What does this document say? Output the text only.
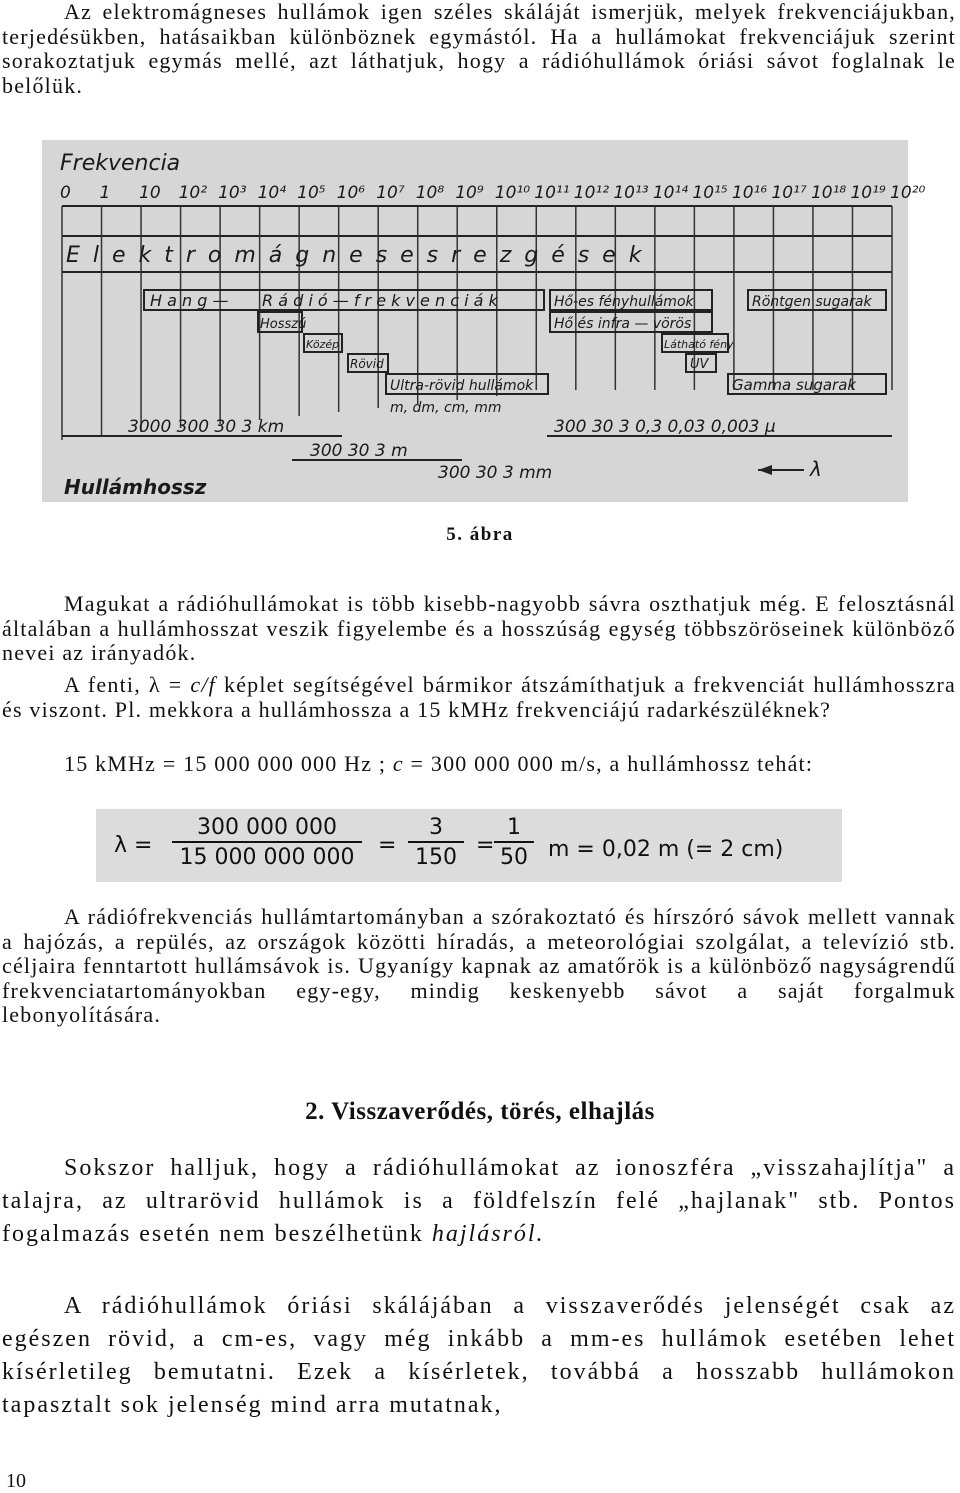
Az elektromágneses hullámok igen széles skáláját ismerjük, melyek frekvenciájukban, terjedésükben, hatásaikban különböznek egymástól. Ha a hullámokat frekvenciájuk szerint sorakoztatjuk egymás mellé, azt láthatjuk, hogy a rádióhullámok óriási sávot foglalnak le belőlük.

Frekvencia
0 1 10 10² 10³ 10⁴ 10⁵ 10⁶ 10⁷ 10⁸ 10⁹ 10¹⁰ 10¹¹ 10¹² 10¹³ 10¹⁴ 10¹⁵ 10¹⁶ 10¹⁷ 10¹⁸ 10¹⁹ 10²⁰
E l e k t r o m á g n e s e s r e z g é s e k
H a n g — R á d i ó — f r e k v e n c i á k	Hő-es fényhullámok	Röntgen sugarak
Hosszú	Hő és infra — vörös
Közép	Látható fény
Rövid	UV
Ultra-rövid hullámok	Gamma sugarak
m, dm, cm, mm
3000 300 30 3 km	300 30 3 0,3 0,03 0,003 μ
300 30 3 m
300 30 3 mm	λ
Hullámhossz
5. ábra

Magukat a rádióhullámokat is több kisebb-nagyobb sávra oszthatjuk még. E felosztásnál általában a hullámhosszat veszik figyelembe és a hosszúság egység többszöröseinek különböző nevei az irányadók.

A fenti, λ = c/f képlet segítségével bármikor átszámíthatjuk a frekvenciát hullámhosszra és viszont. Pl. mekkora a hullámhossza a 15 kMHz frekvenciájú radarkészüléknek?

15 kMHz = 15 000 000 000 Hz ; c = 300 000 000 m/s, a hullámhossz tehát:

$\lambda = \frac{300 000 000}{15 000 000 000} = \frac{3}{150} = \frac{1}{50}$ m = 0,02 m (= 2 cm)

A rádiófrekvenciás hullámtartományban a szórakoztató és hírszóró sávok mellett vannak a hajózás, a repülés, az országok közötti híradás, a meteorológiai szolgálat, a televízió stb. céljaira fenntartott hullámsávok is. Ugyanígy kapnak az amatőrök is a különböző nagyságrendű frekvenciatartományokban egy-egy, mindig keskenyebb sávot a saját forgalmuk lebonyolítására.

2. Visszaverődés, törés, elhajlás

Sokszor halljuk, hogy a rádióhullámokat az ionoszféra „visszahajlítja" a talajra, az ultrarövid hullámok is a földfelszín felé „hajlanak" stb. Pontos fogalmazás esetén nem beszélhetünk hajlásról.

A rádióhullámok óriási skálájában a visszaverődés jelenségét csak az egészen rövid, a cm-es, vagy még inkább a mm-es hullámok esetében lehet kísérletileg bemutatni. Ezek a kísérletek, továbbá a hosszabb hullámokon tapasztalt sok jelenség mind arra mutatnak,

10
